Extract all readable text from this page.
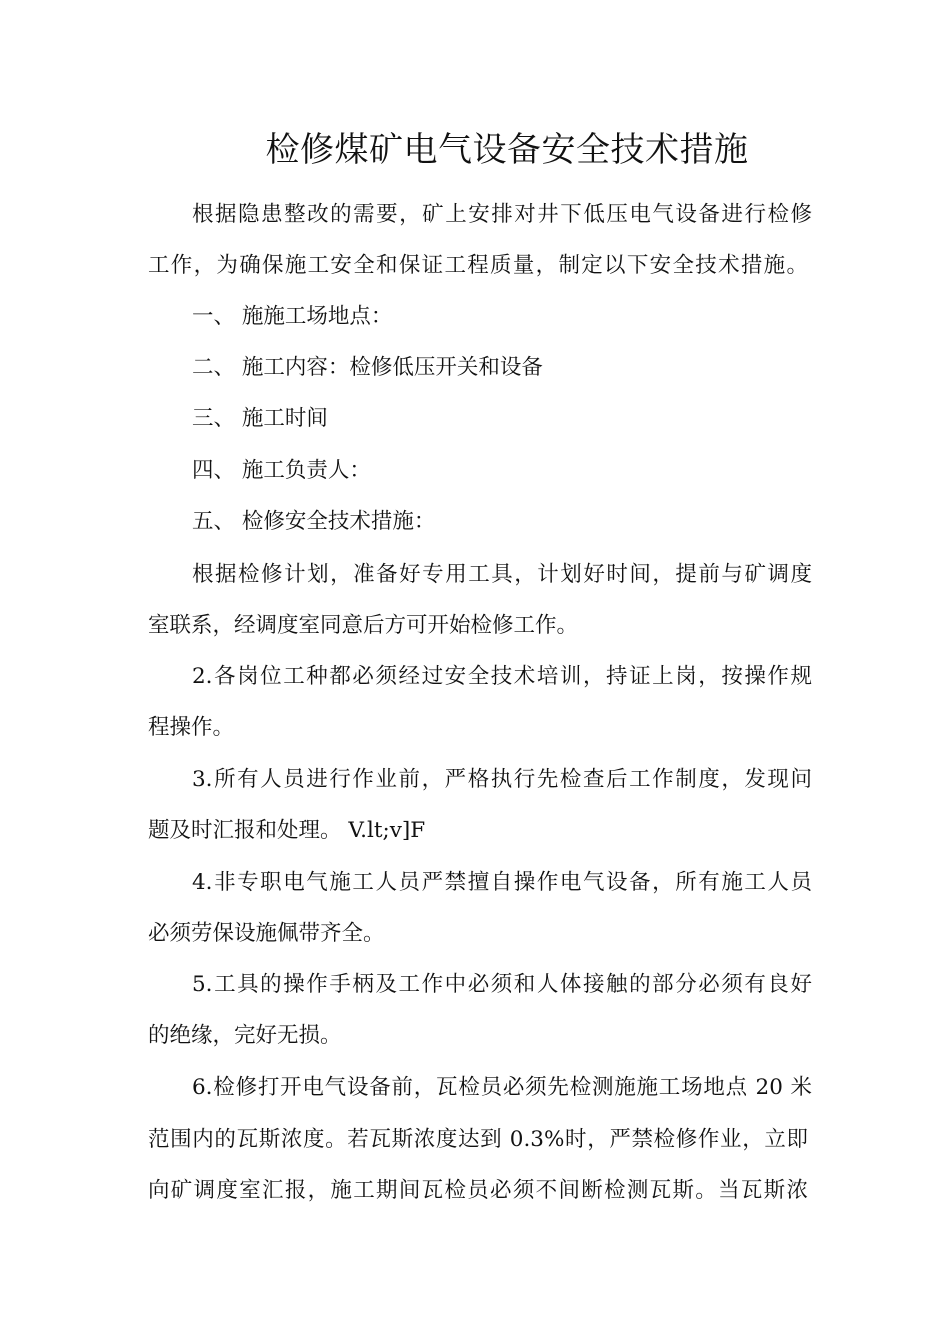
检修煤矿电气设备安全技术措施
根据隐患整改的需要，矿上安排对井下低压电气设备进行检修
工作，为确保施工安全和保证工程质量，制定以下安全技术措施。
一、 施施工场地点：
二、 施工内容：检修低压开关和设备
三、 施工时间
四、 施工负责人：
五、 检修安全技术措施：
根据检修计划，准备好专用工具，计划好时间，提前与矿调度
室联系，经调度室同意后方可开始检修工作。
2.各岗位工种都必须经过安全技术培训，持证上岗，按操作规
程操作。
3.所有人员进行作业前，严格执行先检查后工作制度，发现问
题及时汇报和处理。 V.lt;v]F
4.非专职电气施工人员严禁擅自操作电气设备，所有施工人员
必须劳保设施佩带齐全。
5.工具的操作手柄及工作中必须和人体接触的部分必须有良好
的绝缘，完好无损。
6.检修打开电气设备前，瓦检员必须先检测施施工场地点 20 米
范围内的瓦斯浓度。若瓦斯浓度达到 0.3%时，严禁检修作业，立即
向矿调度室汇报，施工期间瓦检员必须不间断检测瓦斯。当瓦斯浓
